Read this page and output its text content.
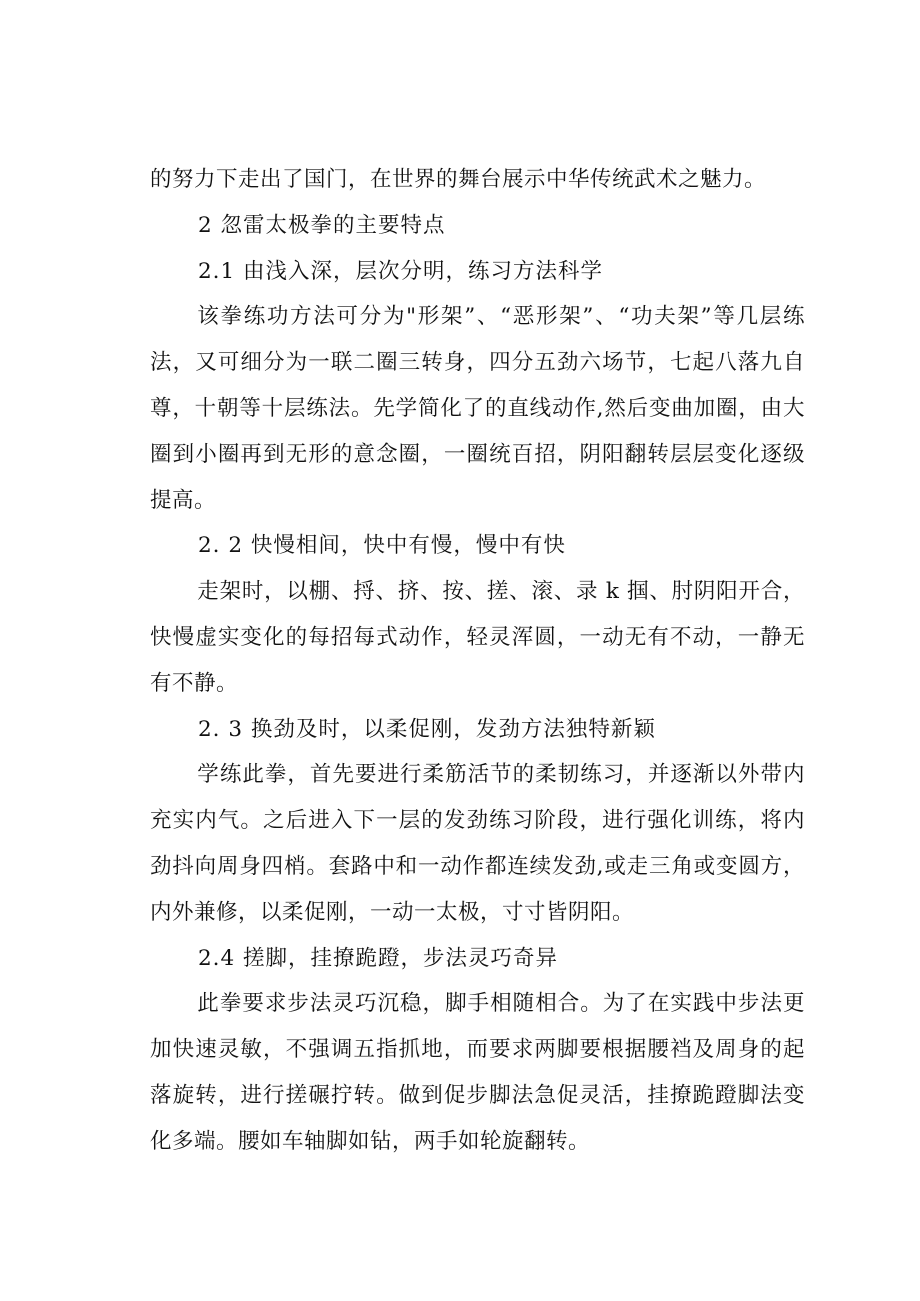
的努力下走出了国门，在世界的舞台展示中华传统武术之魅力。

2 忽雷太极拳的主要特点

2.1 由浅入深，层次分明，练习方法科学

该拳练功方法可分为"形架”、“恶形架”、“功夫架”等几层练法，又可细分为一联二圈三转身，四分五劲六场节，七起八落九自尊，十朝等十层练法。先学简化了的直线动作,然后变曲加圈，由大圈到小圈再到无形的意念圈，一圈统百招，阴阳翻转层层变化逐级提高。

2. 2 快慢相间，快中有慢，慢中有快

走架时，以棚、捋、挤、按、搓、滚、录 k 掴、肘阴阳开合，快慢虚实变化的每招每式动作，轻灵浑圆，一动无有不动，一静无有不静。

2. 3 换劲及时，以柔促刚，发劲方法独特新颖

学练此拳，首先要进行柔筋活节的柔韧练习，并逐渐以外带内充实内气。之后进入下一层的发劲练习阶段，进行强化训练，将内劲抖向周身四梢。套路中和一动作都连续发劲,或走三角或变圆方，内外兼修，以柔促刚，一动一太极，寸寸皆阴阳。

2.4 搓脚，挂撩跪蹬，步法灵巧奇异

此拳要求步法灵巧沉稳，脚手相随相合。为了在实践中步法更加快速灵敏，不强调五指抓地，而要求两脚要根据腰裆及周身的起落旋转，进行搓碾拧转。做到促步脚法急促灵活，挂撩跪蹬脚法变化多端。腰如车轴脚如钻，两手如轮旋翻转。
